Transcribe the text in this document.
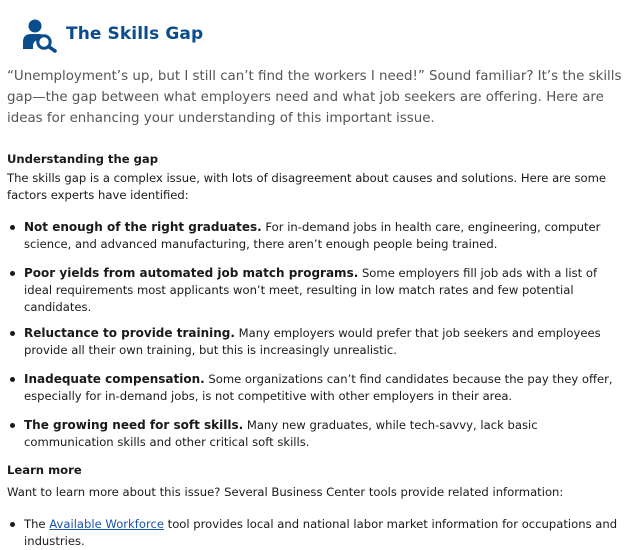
The Skills Gap
“Unemployment’s up, but I still can’t find the workers I need!” Sound familiar? It’s the skills gap—the gap between what employers need and what job seekers are offering. Here are ideas for enhancing your understanding of this important issue.
Understanding the gap
The skills gap is a complex issue, with lots of disagreement about causes and solutions. Here are some factors experts have identified:
Not enough of the right graduates. For in-demand jobs in health care, engineering, computer science, and advanced manufacturing, there aren’t enough people being trained.
Poor yields from automated job match programs. Some employers fill job ads with a list of ideal requirements most applicants won’t meet, resulting in low match rates and few potential candidates.
Reluctance to provide training. Many employers would prefer that job seekers and employees provide all their own training, but this is increasingly unrealistic.
Inadequate compensation. Some organizations can’t find candidates because the pay they offer, especially for in-demand jobs, is not competitive with other employers in their area.
The growing need for soft skills. Many new graduates, while tech-savvy, lack basic communication skills and other critical soft skills.
Learn more
Want to learn more about this issue? Several Business Center tools provide related information:
The Available Workforce tool provides local and national labor market information for occupations and industries.
